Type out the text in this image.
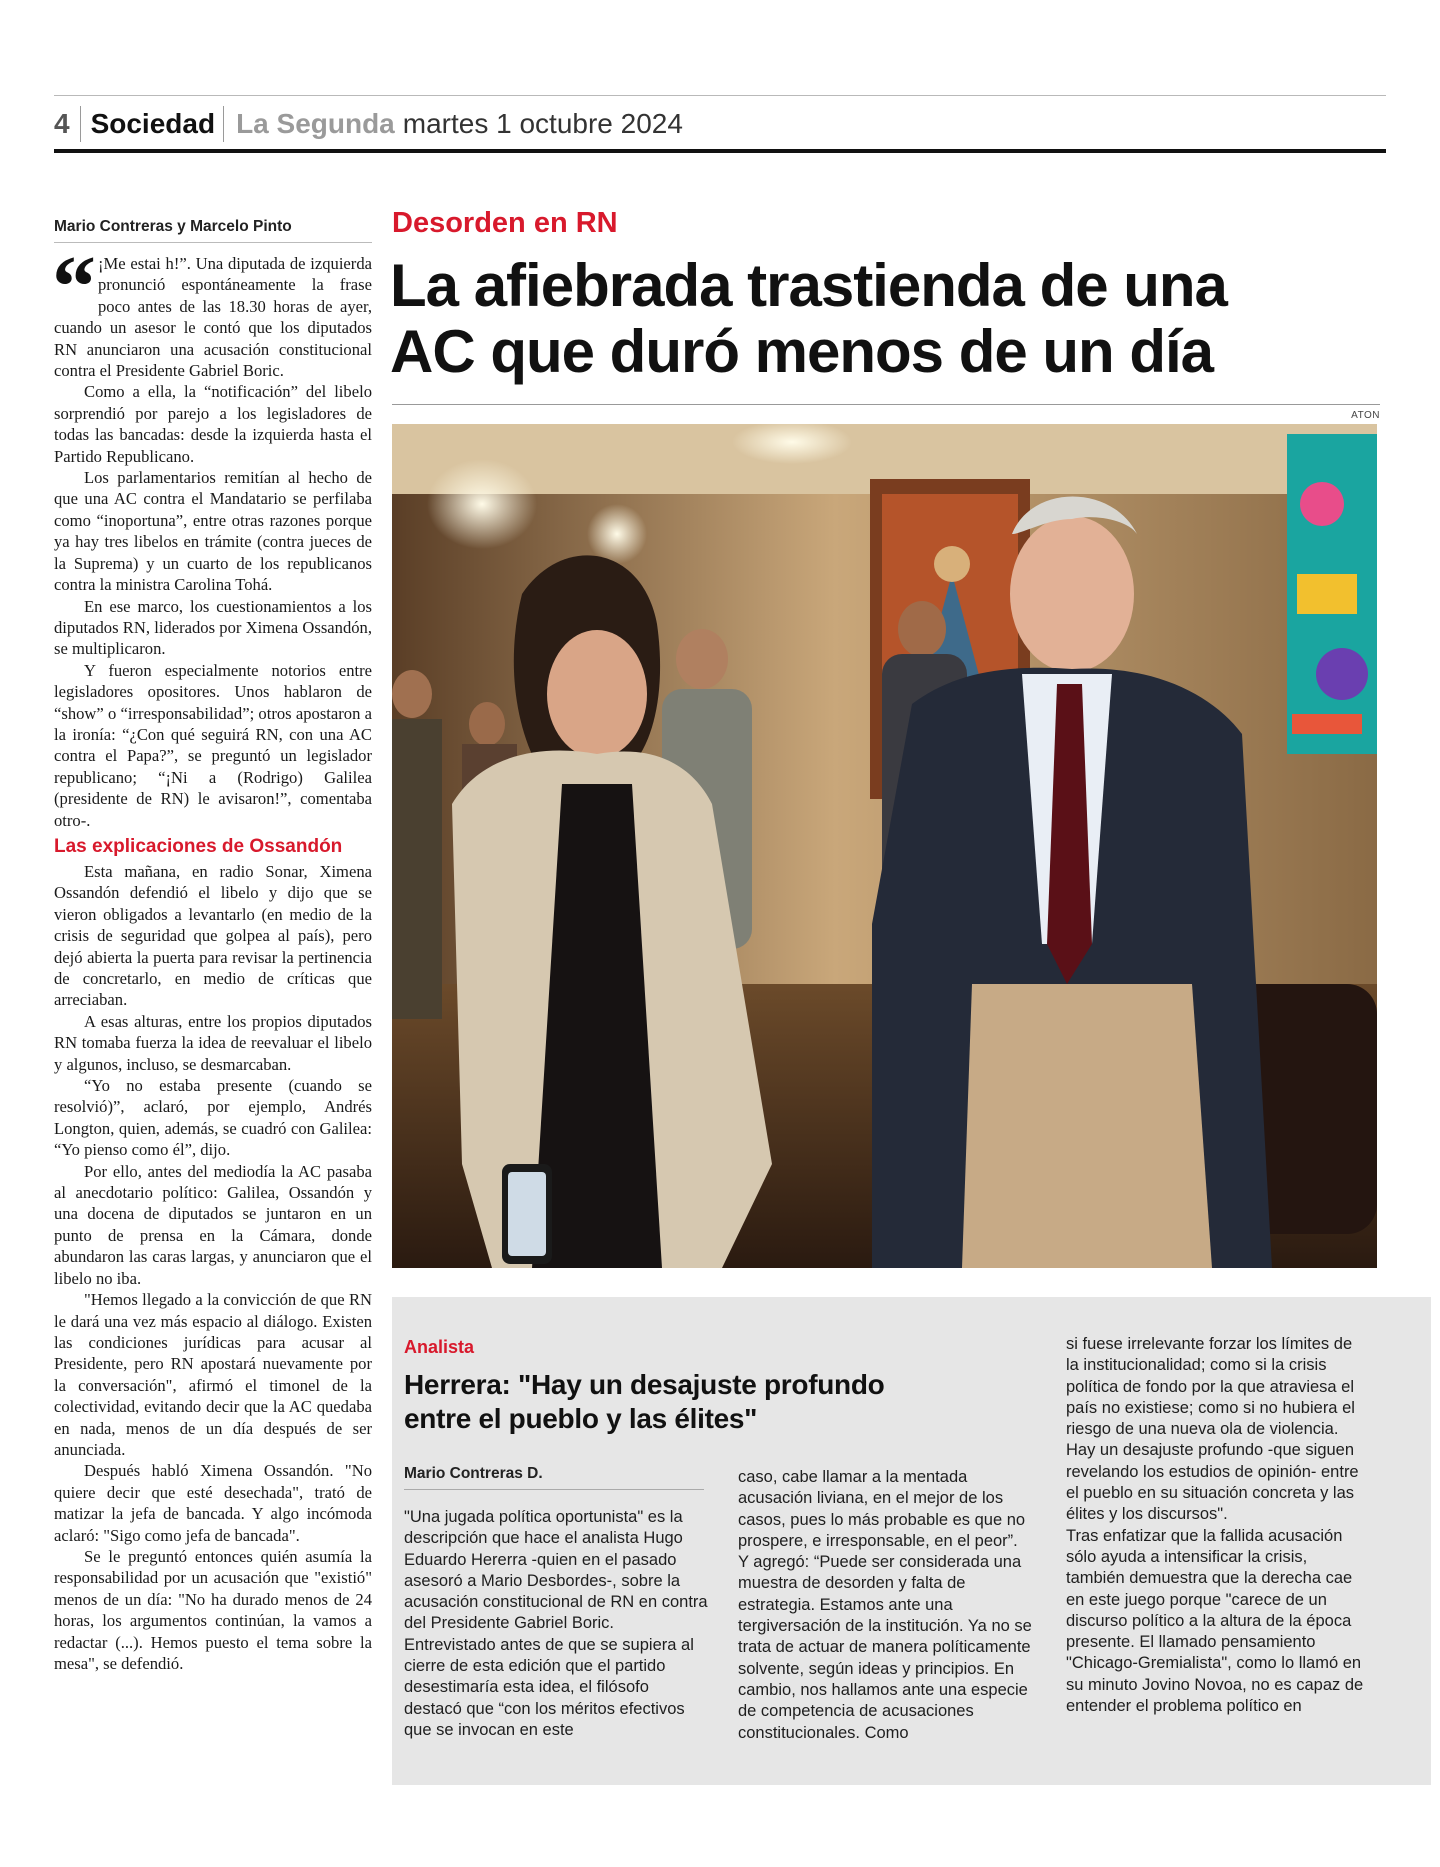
4 Sociedad La Segunda martes 1 octubre 2024
Mario Contreras y Marcelo Pinto
“ ¡Me estai h!”. Una diputada de izquierda pronunció espontáneamente la frase poco antes de las 18.30 horas de ayer, cuando un asesor le contó que los diputados RN anunciaron una acusación constitucional contra el Presidente Gabriel Boric.

Como a ella, la “notificación” del libelo sorprendió por parejo a los legisladores de todas las bancadas: desde la izquierda hasta el Partido Republicano.

Los parlamentarios remitían al hecho de que una AC contra el Mandatario se perfilaba como “inoportuna”, entre otras razones porque ya hay tres libelos en trámite (contra jueces de la Suprema) y un cuarto de los republicanos contra la ministra Carolina Tohá.

En ese marco, los cuestionamientos a los diputados RN, liderados por Ximena Ossandón, se multiplicaron.

Y fueron especialmente notorios entre legisladores opositores. Unos hablaron de “show” o “irresponsabilidad”; otros apostaron a la ironía: “¿Con qué seguirá RN, con una AC contra el Papa?”, se preguntó un legislador republicano; “¡Ni a (Rodrigo) Galilea (presidente de RN) le avisaron!”, comentaba otro-.

Las explicaciones de Ossandón

Esta mañana, en radio Sonar, Ximena Ossandón defendió el libelo y dijo que se vieron obligados a levantarlo (en medio de la crisis de seguridad que golpea al país), pero dejó abierta la puerta para revisar la pertinencia de concretarlo, en medio de críticas que arreciaban.

A esas alturas, entre los propios diputados RN tomaba fuerza la idea de reevaluar el libelo y algunos, incluso, se desmarcaban.

“Yo no estaba presente (cuando se resolvió)”, aclaró, por ejemplo, Andrés Longton, quien, además, se cuadró con Galilea: “Yo pienso como él”, dijo.

Por ello, antes del mediodía la AC pasaba al anecdotario político: Galilea, Ossandón y una docena de diputados se juntaron en un punto de prensa en la Cámara, donde abundaron las caras largas, y anunciaron que el libelo no iba.

"Hemos llegado a la convicción de que RN le dará una vez más espacio al diálogo. Existen las condiciones jurídicas para acusar al Presidente, pero RN apostará nuevamente por la conversación", afirmó el timonel de la colectividad, evitando decir que la AC quedaba en nada, menos de un día después de ser anunciada.

Después habló Ximena Ossandón. "No quiere decir que esté desechada", trató de matizar la jefa de bancada. Y algo incómoda aclaró: "Sigo como jefa de bancada".

Se le preguntó entonces quién asumía la responsabilidad por un acusación que "existió" menos de un día: "No ha durado menos de 24 horas, los argumentos continúan, la vamos a redactar (...). Hemos puesto el tema sobre la mesa", se defendió.

Desorden en RN
La afiebrada trastienda de una
AC que duró menos de un día
ATON
Analista
Herrera: "Hay un desajuste profundo
entre el pueblo y las élites"
Mario Contreras D.

"Una jugada política oportunista" es la descripción que hace el analista Hugo Eduardo Hererra -quien en el pasado asesoró a Mario Desbordes-, sobre la acusación constitucional de RN en contra del Presidente Gabriel Boric.

Entrevistado antes de que se supiera al cierre de esta edición que el partido desestimaría esta idea, el filósofo destacó que “con los méritos efectivos que se invocan en este

caso, cabe llamar a la mentada acusación liviana, en el mejor de los casos, pues lo más probable es que no prospere, e irresponsable, en el peor”.

Y agregó: “Puede ser considerada una muestra de desorden y falta de estrategia. Estamos ante una tergiversación de la institución. Ya no se trata de actuar de manera políticamente solvente, según ideas y principios. En cambio, nos hallamos ante una especie de competencia de acusaciones constitucionales. Como

si fuese irrelevante forzar los límites de la institucionalidad; como si la crisis política de fondo por la que atraviesa el país no existiese; como si no hubiera el riesgo de una nueva ola de violencia. Hay un desajuste profundo -que siguen revelando los estudios de opinión- entre el pueblo en su situación concreta y las élites y los discursos".

Tras enfatizar que la fallida acusación sólo ayuda a intensificar la crisis, también demuestra que la derecha cae en este juego porque "carece de un discurso político a la altura de la época presente. El llamado pensamiento "Chicago-Gremialista", como lo llamó en su minuto Jovino Novoa, no es capaz de entender el problema político en
